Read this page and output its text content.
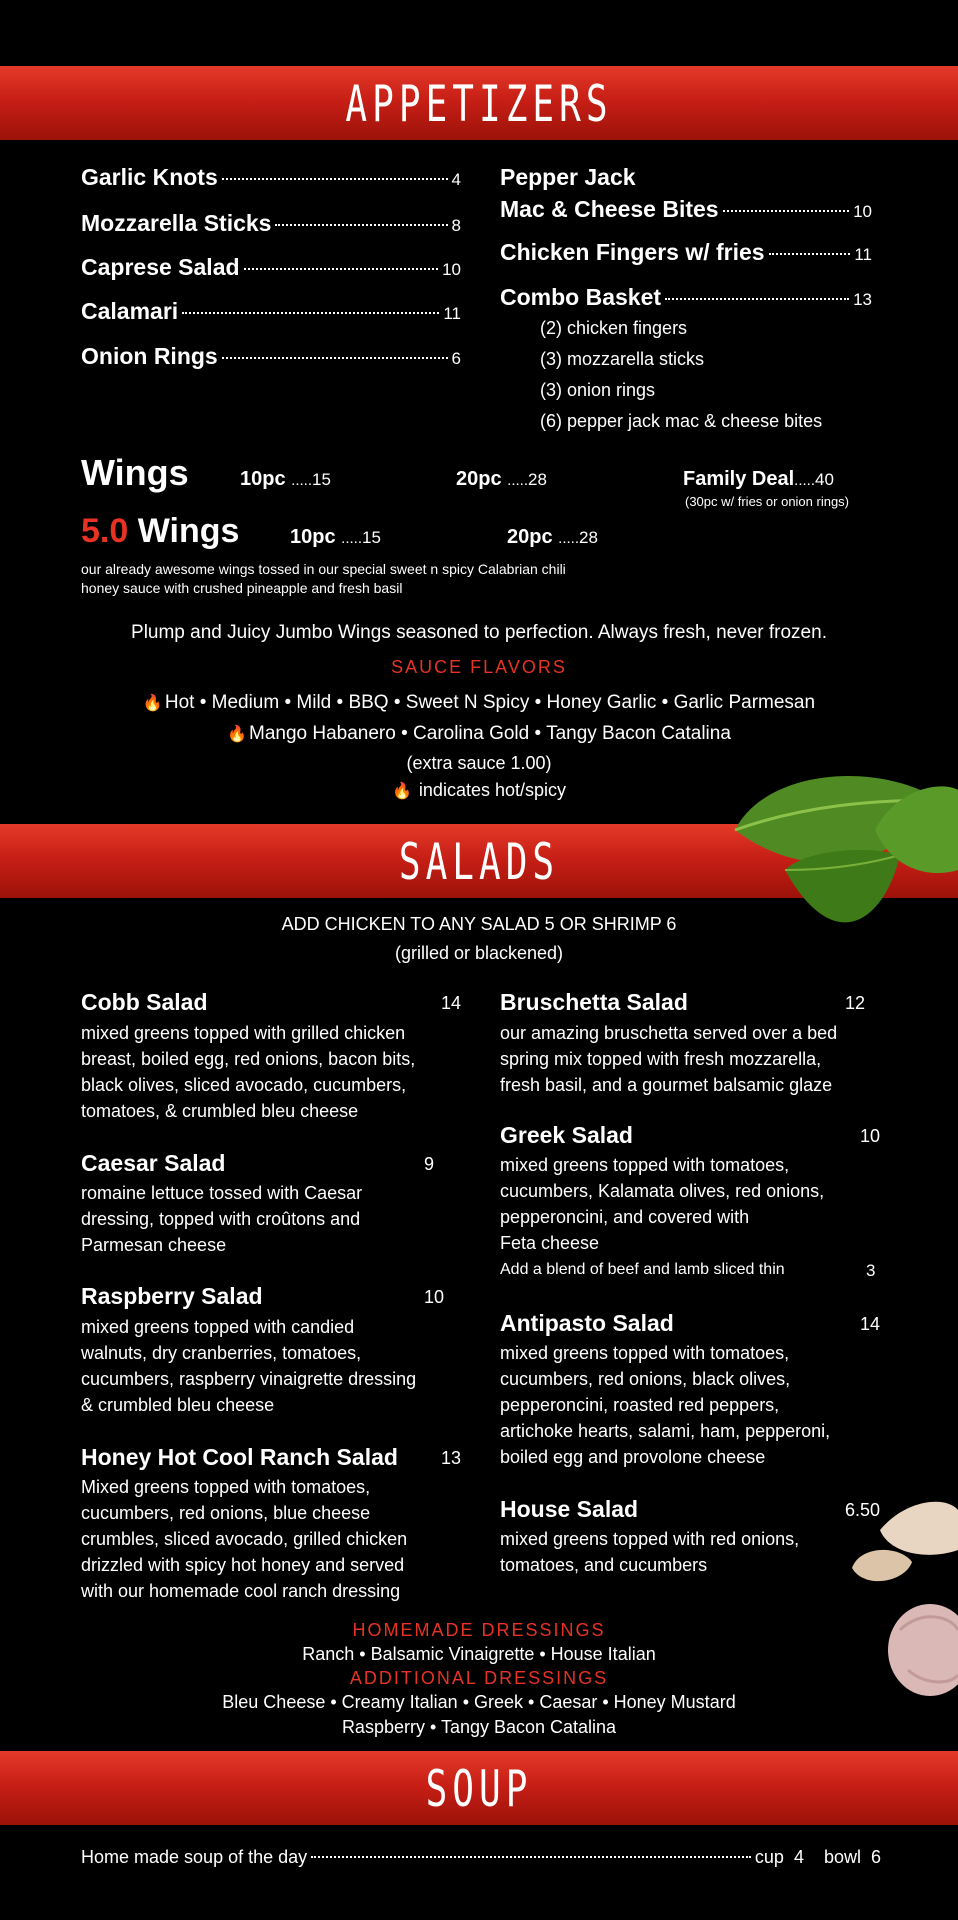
APPETIZERS
Garlic Knots	4
Mozzarella Sticks	8
Caprese Salad	10
Calamari	11
Onion Rings	6
Pepper Jack
Mac & Cheese Bites	10
Chicken Fingers w/ fries	11
Combo Basket	13
(2) chicken fingers
(3) mozzarella sticks
(3) onion rings
(6) pepper jack mac & cheese bites
Wings	10pc .....15	20pc .....28	Family Deal.....40
(30pc w/ fries or onion rings)
5.0 Wings	10pc .....15	20pc .....28
our already awesome wings tossed in our special sweet n spicy Calabrian chili
honey sauce with crushed pineapple and fresh basil
Plump and Juicy Jumbo Wings seasoned to perfection. Always fresh, never frozen.
SAUCE FLAVORS
🔥 Hot • Medium • Mild • BBQ • Sweet N Spicy • Honey Garlic • Garlic Parmesan
🔥 Mango Habanero • Carolina Gold • Tangy Bacon Catalina
(extra sauce 1.00)
🔥 indicates hot/spicy
SALADS
ADD CHICKEN TO ANY SALAD 5 OR SHRIMP 6
(grilled or blackened)
Cobb Salad	14
mixed greens topped with grilled chicken
breast, boiled egg, red onions, bacon bits,
black olives, sliced avocado, cucumbers,
tomatoes, & crumbled bleu cheese
Caesar Salad	9
romaine lettuce tossed with Caesar
dressing, topped with croûtons and
Parmesan cheese
Raspberry Salad	10
mixed greens topped with candied
walnuts, dry cranberries, tomatoes,
cucumbers, raspberry vinaigrette dressing
& crumbled bleu cheese
Honey Hot Cool Ranch Salad 13
Mixed greens topped with tomatoes,
cucumbers, red onions, blue cheese
crumbles, sliced avocado, grilled chicken
drizzled with spicy hot honey and served
with our homemade cool ranch dressing
Bruschetta Salad	12
our amazing bruschetta served over a bed
spring mix topped with fresh mozzarella,
fresh basil, and a gourmet balsamic glaze
Greek Salad	10
mixed greens topped with tomatoes,
cucumbers, Kalamata olives, red onions,
pepperoncini, and covered with
Feta cheese
Add a blend of beef and lamb sliced thin	3
Antipasto Salad	14
mixed greens topped with tomatoes,
cucumbers, red onions, black olives,
pepperoncini, roasted red peppers,
artichoke hearts, salami, ham, pepperoni,
boiled egg and provolone cheese
House Salad	6.50
mixed greens topped with red onions,
tomatoes, and cucumbers
HOMEMADE DRESSINGS
Ranch • Balsamic Vinaigrette • House Italian
ADDITIONAL DRESSINGS
Bleu Cheese • Creamy Italian • Greek • Caesar • Honey Mustard
Raspberry • Tangy Bacon Catalina
SOUP
Home made soup of the day	cup  4    bowl  6
